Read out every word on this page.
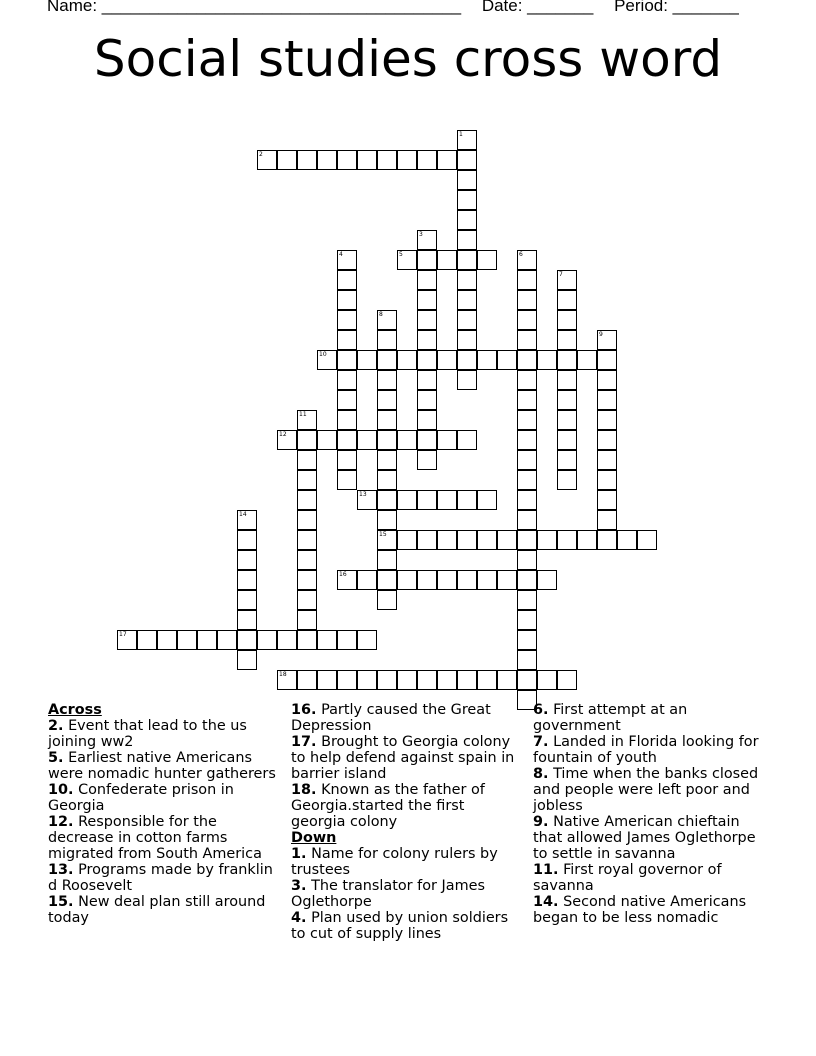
Name: ______________________________________ Date: _______ Period: _______
Social studies cross word
1
2
3
4	5	6
7
8
15
9
10
11
12
13
14
16
17
18
Across
2. Event that lead to the us joining ww2
5. Earliest native Americans were nomadic hunter gatherers
10. Confederate prison in Georgia
12. Responsible for the decrease in cotton farms migrated from South America
13. Programs made by franklin d Roosevelt
15. New deal plan still around today
16. Partly caused the Great Depression
17. Brought to Georgia colony to help defend against spain in barrier island
18. Known as the father of Georgia.started the first georgia colony
Down
1. Name for colony rulers by trustees
3. The translator for James Oglethorpe
4. Plan used by union soldiers to cut of supply lines
6. First attempt at an government
7. Landed in Florida looking for fountain of youth
8. Time when the banks closed and people were left poor and jobless
9. Native American chieftain that allowed James Oglethorpe to settle in savanna
11. First royal governor of savanna
14. Second native Americans began to be less nomadic
